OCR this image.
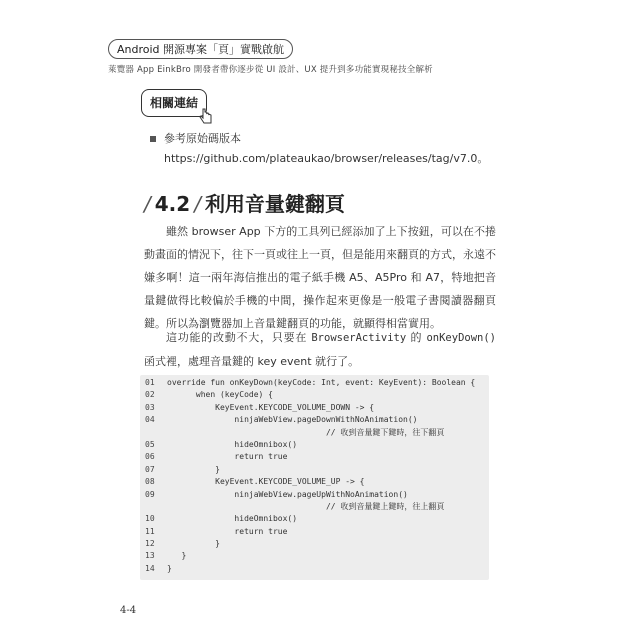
Android 開源專案「頁」實戰啟航
萊覽器 App EinkBro 開發者帶你逐步從 UI 設計、UX 提升到多功能實現秘技全解析
相關連結
參考原始碼版本
https://github.com/plateaukao/browser/releases/tag/v7.0。
/ 4.2 / 利用音量鍵翻頁
雖然 browser App 下方的工具列已經添加了上下按鈕，可以在不捲動畫面的情況下，往下一頁或往上一頁，但是能用來翻頁的方式，永遠不嫌多啊！這一兩年海信推出的電子紙手機 A5、A5Pro 和 A7，特地把音量鍵做得比較偏於手機的中間，操作起來更像是一般電子書閱讀器翻頁鍵。所以為瀏覽器加上音量鍵翻頁的功能，就顯得相當實用。
這功能的改動不大，只要在 BrowserActivity 的 onKeyDown() 函式裡，處理音量鍵的 key event 就行了。
01 override fun onKeyDown(keyCode: Int, event: KeyEvent): Boolean {
02      when (keyCode) {
03          KeyEvent.KEYCODE_VOLUME_DOWN -> {
04              ninjaWebView.pageDownWithNoAnimation()
// 收到音量鍵下鍵時，往下翻頁
05              hideOmnibox()
06              return true
07          }
08          KeyEvent.KEYCODE_VOLUME_UP -> {
09              ninjaWebView.pageUpWithNoAnimation()
// 收到音量鍵上鍵時，往上翻頁
10              hideOmnibox()
11              return true
12          }
13   }
14 }
4-4
